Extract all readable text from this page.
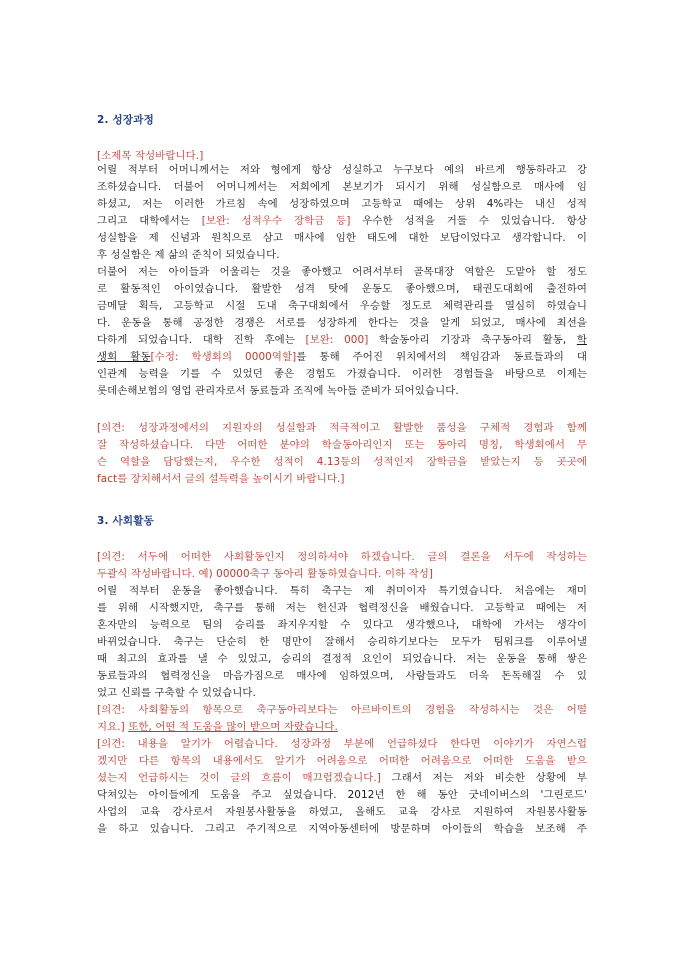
2. 성장과정

[소제목 작성바랍니다.]

어릴 적부터 어머니께서는 저와 형에게 항상 성실하고 누구보다 예의 바르게 행동하라고 강

조하셨습니다. 더불어 어머니께서는 저희에게 본보기가 되시기 위해 성실함으로 매사에 임

하셨고, 저는 이러한 가르침 속에 성장하였으며 고등학교 때에는 상위 4%라는 내신 성적

그리고 대학에서는 [보완: 성적우수 장학금 등] 우수한 성적을 거둘 수 있었습니다. 항상

성실함을 제 신념과 원칙으로 삼고 매사에 임한 태도에 대한 보답이었다고 생각합니다. 이

후 성실함은 제 삶의 준칙이 되었습니다.

더불어 저는 아이들과 어울리는 것을 좋아했고 어려서부터 골목대장 역할은 도맡아 할 정도

로 활동적인 아이였습니다. 활발한 성격 탓에 운동도 좋아했으며, 태권도대회에 출전하여

금메달 획득, 고등학교 시절 도내 축구대회에서 우승할 정도로 체력관리를 열심히 하였습니

다. 운동을 통해 공정한 경쟁은 서로를 성장하게 한다는 것을 알게 되었고, 매사에 최선을

다하게 되었습니다. 대학 진학 후에는 [보완: 000] 학술동아리 기장과 축구동아리 활동, 학

생회 활동[수정: 학생회의 0000역할]를 통해 주어진 위치에서의 책임감과 동료들과의 대

인관계 능력을 기를 수 있었던 좋은 경험도 가졌습니다. 이러한 경험들을 바탕으로 이제는

롯데손해보험의 영업 관리자로서 동료들과 조직에 녹아들 준비가 되어있습니다.

[의견: 성장과정에서의 지원자의 성실함과 적극적이고 활발한 품성을 구체적 경험과 함께

잘 작성하셨습니다. 다만 어떠한 분야의 학술동아리인지 또는 동아리 명칭, 학생회에서 무

슨 역할을 담당했는지, 우수한 성적이 4.13등의 성적인지 장학금을 받았는지 등 곳곳에

fact를 장치해서서 글의 설득력을 높이시기 바랍니다.]

3. 사회활동

[의견: 서두에 어떠한 사회활동인지 정의하셔야 하겠습니다. 글의 결론을 서두에 작성하는

두괄식 작성바랍니다. 예) 00000축구 동아리 활동하였습니다. 이하 작성]

어릴 적부터 운동을 좋아했습니다. 특히 축구는 제 취미이자 특기였습니다. 처음에는 재미

를 위해 시작했지만, 축구를 통해 저는 헌신과 협력정신을 배웠습니다. 고등학교 때에는 저

혼자만의 능력으로 팀의 승리를 좌지우지할 수 있다고 생각했으나, 대학에 가서는 생각이

바뀌었습니다. 축구는 단순히 한 명만이 잘해서 승리하기보다는 모두가 팀워크를 이루어낼

때 최고의 효과를 낼 수 있었고, 승리의 결정적 요인이 되었습니다. 저는 운동을 통해 쌓은

동료들과의 협력정신을 마음가짐으로 매사에 임하였으며, 사람들과도 더욱 돈독해질 수 있

었고 신뢰를 구축할 수 있었습니다.

[의견: 사회활동의 항목으로 축구동아리보다는 아르바이트의 경험을 작성하시는 것은 어떨

지요.] 또한, 어떤 적 도움을 많이 받으며 자랐습니다.

[의견: 내용을 알기가 어렵습니다. 성장과정 부분에 언급하셨다 한다면 이야기가 자연스럽

겠지만 다른 항목의 내용에서도 알기가 어려움으로 어떠한 어려움으로 어떠한 도움을 받으

셨는지 언급하시는 것이 글의 흐름이 매끄럽겠습니다.] 그래서 저는 저와 비슷한 상황에 부

닥쳐있는 아이들에게 도움을 주고 싶었습니다. 2012년 한 해 동안 굿네이버스의 '그린로드'

사업의 교육 강사로서 자원봉사활동을 하였고, 올해도 교육 강사로 지원하여 자원봉사활동

을 하고 있습니다. 그리고 주기적으로 지역아동센터에 방문하며 아이들의 학습을 보조해 주
